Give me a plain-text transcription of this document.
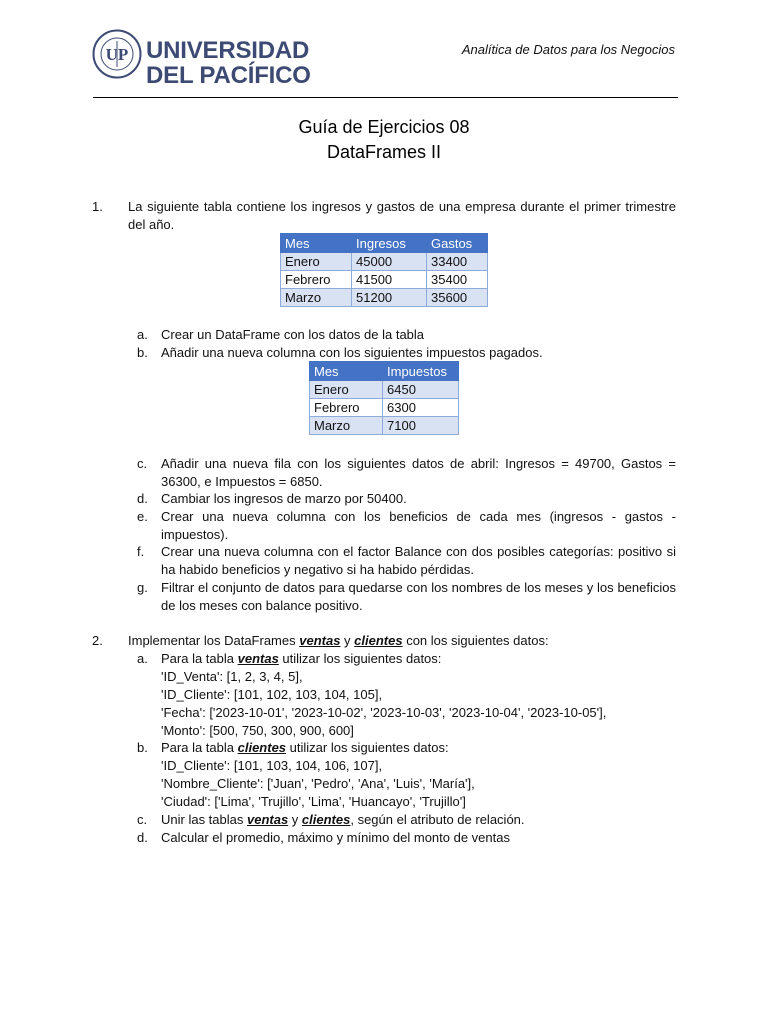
UP UNIVERSIDAD
DEL PACÍFICO
Analítica de Datos para los Negocios
Guía de Ejercicios 08
DataFrames II
1. La siguiente tabla contiene los ingresos y gastos de una empresa durante el primer trimestre del año.
Mes	Ingresos	Gastos
Enero	45000	33400
Febrero	41500	35400
Marzo	51200	35600
a. Crear un DataFrame con los datos de la tabla
b. Añadir una nueva columna con los siguientes impuestos pagados.
Mes	Impuestos
Enero	6450
Febrero	6300
Marzo	7100
c. Añadir una nueva fila con los siguientes datos de abril: Ingresos = 49700, Gastos = 36300, e Impuestos = 6850.
d. Cambiar los ingresos de marzo por 50400.
e. Crear una nueva columna con los beneficios de cada mes (ingresos - gastos - impuestos).
f. Crear una nueva columna con el factor Balance con dos posibles categorías: positivo si ha habido beneficios y negativo si ha habido pérdidas.
g. Filtrar el conjunto de datos para quedarse con los nombres de los meses y los beneficios de los meses con balance positivo.
2. Implementar los DataFrames ventas y clientes con los siguientes datos:
a. Para la tabla ventas utilizar los siguientes datos:
'ID_Venta': [1, 2, 3, 4, 5],
'ID_Cliente': [101, 102, 103, 104, 105],
'Fecha': ['2023-10-01', '2023-10-02', '2023-10-03', '2023-10-04', '2023-10-05'],
'Monto': [500, 750, 300, 900, 600]
b. Para la tabla clientes utilizar los siguientes datos:
'ID_Cliente': [101, 103, 104, 106, 107],
'Nombre_Cliente': ['Juan', 'Pedro', 'Ana', 'Luis', 'María'],
'Ciudad': ['Lima', 'Trujillo', 'Lima', 'Huancayo', 'Trujillo']
c. Unir las tablas ventas y clientes, según el atributo de relación.
d. Calcular el promedio, máximo y mínimo del monto de ventas
